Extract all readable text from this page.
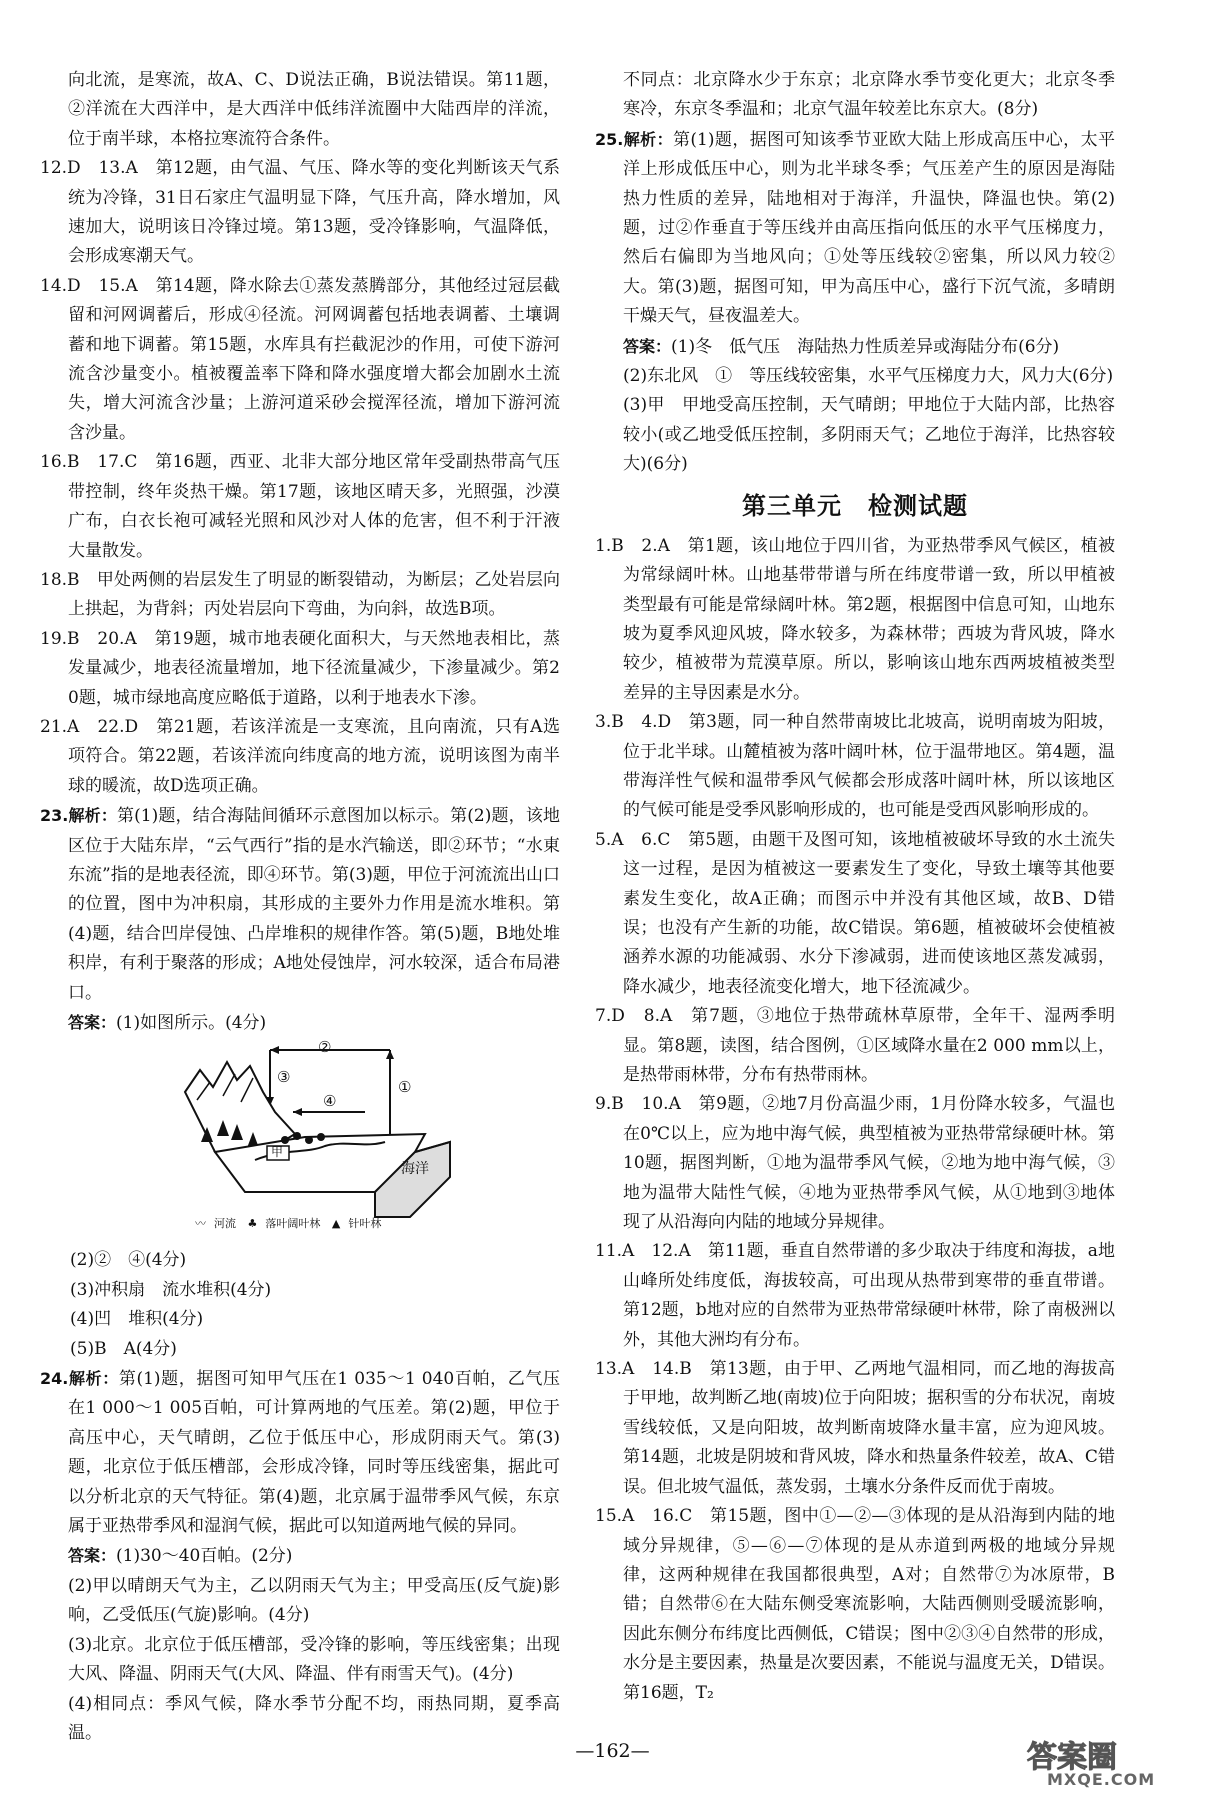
向北流，是寒流，故A、C、D说法正确，B说法错误。第11题，②洋流在大西洋中，是大西洋中低纬洋流圈中大陆西岸的洋流，位于南半球，本格拉寒流符合条件。

12.D　13.A　第12题，由气温、气压、降水等的变化判断该天气系统为冷锋，31日石家庄气温明显下降，气压升高，降水增加，风速加大，说明该日冷锋过境。第13题，受冷锋影响，气温降低，会形成寒潮天气。

14.D　15.A　第14题，降水除去①蒸发蒸腾部分，其他经过冠层截留和河网调蓄后，形成④径流。河网调蓄包括地表调蓄、土壤调蓄和地下调蓄。第15题，水库具有拦截泥沙的作用，可使下游河流含沙量变小。植被覆盖率下降和降水强度增大都会加剧水土流失，增大河流含沙量；上游河道采砂会搅浑径流，增加下游河流含沙量。

16.B　17.C　第16题，西亚、北非大部分地区常年受副热带高气压带控制，终年炎热干燥。第17题，该地区晴天多，光照强，沙漠广布，白衣长袍可减轻光照和风沙对人体的危害，但不利于汗液大量散发。

18.B　甲处两侧的岩层发生了明显的断裂错动，为断层；乙处岩层向上拱起，为背斜；丙处岩层向下弯曲，为向斜，故选B项。

19.B　20.A　第19题，城市地表硬化面积大，与天然地表相比，蒸发量减少，地表径流量增加，地下径流量减少，下渗量减少。第20题，城市绿地高度应略低于道路，以利于地表水下渗。

21.A　22.D　第21题，若该洋流是一支寒流，且向南流，只有A选项符合。第22题，若该洋流向纬度高的地方流，说明该图为南半球的暖流，故D选项正确。

23.解析：第(1)题，结合海陆间循环示意图加以标示。第(2)题，该地区位于大陆东岸，“云气西行”指的是水汽输送，即②环节；“水東东流”指的是地表径流，即④环节。第(3)题，甲位于河流流出山口的位置，图中为冲积扇，其形成的主要外力作用是流水堆积。第(4)题，结合凹岸侵蚀、凸岸堆积的规律作答。第(5)题，B地处堆积岸，有利于聚落的形成；A地处侵蚀岸，河水较深，适合布局港口。

答案：(1)如图所示。(4分)

②
①
③
④
甲
海洋
〰 河流 ♣ 落叶阔叶林 ▲ 针叶林

(2)②　④(4分)

(3)冲积扇　流水堆积(4分)

(4)凹　堆积(4分)

(5)B　A(4分)

24.解析：第(1)题，据图可知甲气压在1 035～1 040百帕，乙气压在1 000～1 005百帕，可计算两地的气压差。第(2)题，甲位于高压中心，天气晴朗，乙位于低压中心，形成阴雨天气。第(3)题，北京位于低压槽部，会形成冷锋，同时等压线密集，据此可以分析北京的天气特征。第(4)题，北京属于温带季风气候，东京属于亚热带季风和湿润气候，据此可以知道两地气候的异同。

答案：(1)30～40百帕。(2分)

(2)甲以晴朗天气为主，乙以阴雨天气为主；甲受高压(反气旋)影响，乙受低压(气旋)影响。(4分)

(3)北京。北京位于低压槽部，受冷锋的影响，等压线密集；出现大风、降温、阴雨天气(大风、降温、伴有雨雪天气)。(4分)

(4)相同点：季风气候，降水季节分配不均，雨热同期，夏季高温。

不同点：北京降水少于东京；北京降水季节变化更大；北京冬季寒冷，东京冬季温和；北京气温年较差比东京大。(8分)

25.解析：第(1)题，据图可知该季节亚欧大陆上形成高压中心，太平洋上形成低压中心，则为北半球冬季；气压差产生的原因是海陆热力性质的差异，陆地相对于海洋，升温快，降温也快。第(2)题，过②作垂直于等压线并由高压指向低压的水平气压梯度力，然后右偏即为当地风向；①处等压线较②密集，所以风力较②大。第(3)题，据图可知，甲为高压中心，盛行下沉气流，多晴朗干燥天气，昼夜温差大。

答案：(1)冬　低气压　海陆热力性质差异或海陆分布(6分)

(2)东北风　①　等压线较密集，水平气压梯度力大，风力大(6分)

(3)甲　甲地受高压控制，天气晴朗；甲地位于大陆内部，比热容较小(或乙地受低压控制，多阴雨天气；乙地位于海洋，比热容较大)(6分)

第三单元 检测试题

1.B　2.A　第1题，该山地位于四川省，为亚热带季风气候区，植被为常绿阔叶林。山地基带带谱与所在纬度带谱一致，所以甲植被类型最有可能是常绿阔叶林。第2题，根据图中信息可知，山地东坡为夏季风迎风坡，降水较多，为森林带；西坡为背风坡，降水较少，植被带为荒漠草原。所以，影响该山地东西两坡植被类型差异的主导因素是水分。

3.B　4.D　第3题，同一种自然带南坡比北坡高，说明南坡为阳坡，位于北半球。山麓植被为落叶阔叶林，位于温带地区。第4题，温带海洋性气候和温带季风气候都会形成落叶阔叶林，所以该地区的气候可能是受季风影响形成的，也可能是受西风影响形成的。

5.A　6.C　第5题，由题干及图可知，该地植被破坏导致的水土流失这一过程，是因为植被这一要素发生了变化，导致土壤等其他要素发生变化，故A正确；而图示中并没有其他区域，故B、D错误；也没有产生新的功能，故C错误。第6题，植被破坏会使植被涵养水源的功能减弱、水分下渗减弱，进而使该地区蒸发减弱，降水减少，地表径流变化增大，地下径流减少。

7.D　8.A　第7题，③地位于热带疏林草原带，全年干、湿两季明显。第8题，读图，结合图例，①区域降水量在2 000 mm以上，是热带雨林带，分布有热带雨林。

9.B　10.A　第9题，②地7月份高温少雨，1月份降水较多，气温也在0℃以上，应为地中海气候，典型植被为亚热带常绿硬叶林。第10题，据图判断，①地为温带季风气候，②地为地中海气候，③地为温带大陆性气候，④地为亚热带季风气候，从①地到③地体现了从沿海向内陆的地域分异规律。

11.A　12.A　第11题，垂直自然带谱的多少取决于纬度和海拔，a地山峰所处纬度低，海拔较高，可出现从热带到寒带的垂直带谱。第12题，b地对应的自然带为亚热带常绿硬叶林带，除了南极洲以外，其他大洲均有分布。

13.A　14.B　第13题，由于甲、乙两地气温相同，而乙地的海拔高于甲地，故判断乙地(南坡)位于向阳坡；据积雪的分布状况，南坡雪线较低，又是向阳坡，故判断南坡降水量丰富，应为迎风坡。第14题，北坡是阴坡和背风坡，降水和热量条件较差，故A、C错误。但北坡气温低，蒸发弱，土壤水分条件反而优于南坡。

15.A　16.C　第15题，图中①—②—③体现的是从沿海到内陆的地域分异规律，⑤—⑥—⑦体现的是从赤道到两极的地域分异规律，这两种规律在我国都很典型，A对；自然带⑦为冰原带，B错；自然带⑥在大陆东侧受寒流影响，大陆西侧则受暖流影响，因此东侧分布纬度比西侧低，C错误；图中②③④自然带的形成，水分是主要因素，热量是次要因素，不能说与温度无关，D错误。第16题，T₂

—162—	答案圈
MXQE.COM
